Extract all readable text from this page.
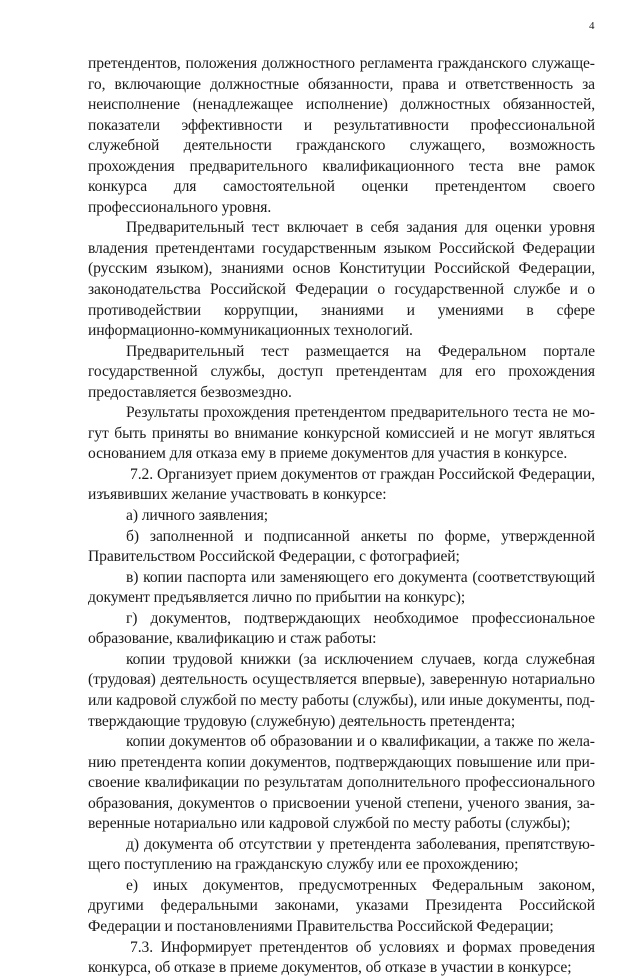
4

претендентов, положения должностного регламента гражданского служащего, включающие должностные обязанности, права и ответственность за неисполнение (ненадлежащее исполнение) должностных обязанностей, показатели эффективности и результативности профессиональной служебной деятельности гражданского служащего, возможность прохождения предварительного квалификационного теста вне рамок конкурса для самостоятельной оценки претендентом своего профессионального уровня.

Предварительный тест включает в себя задания для оценки уровня владения претендентами государственным языком Российской Федерации (русским языком), знаниями основ Конституции Российской Федерации, законодательства Российской Федерации о государственной службе и о противодействии коррупции, знаниями и умениями в сфере информационно-коммуникационных технологий.

Предварительный тест размещается на Федеральном портале государственной службы, доступ претендентам для его прохождения предоставляется безвозмездно.

Результаты прохождения претендентом предварительного теста не могут быть приняты во внимание конкурсной комиссией и не могут являться основанием для отказа ему в приеме документов для участия в конкурсе.

7.2. Организует прием документов от граждан Российской Федерации, изъявивших желание участвовать в конкурсе:

а) личного заявления;

б) заполненной и подписанной анкеты по форме, утвержденной Правительством Российской Федерации, с фотографией;

в) копии паспорта или заменяющего его документа (соответствующий документ предъявляется лично по прибытии на конкурс);

г) документов, подтверждающих необходимое профессиональное образование, квалификацию и стаж работы:

копии трудовой книжки (за исключением случаев, когда служебная (трудовая) деятельность осуществляется впервые), заверенную нотариально или кадровой службой по месту работы (службы), или иные документы, подтверждающие трудовую (служебную) деятельность претендента;

копии документов об образовании и о квалификации, а также по желанию претендента копии документов, подтверждающих повышение или присвоение квалификации по результатам дополнительного профессионального образования, документов о присвоении ученой степени, ученого звания, заверенные нотариально или кадровой службой по месту работы (службы);

д) документа об отсутствии у претендента заболевания, препятствующего поступлению на гражданскую службу или ее прохождению;

е) иных документов, предусмотренных Федеральным законом, другими федеральными законами, указами Президента Российской Федерации и постановлениями Правительства Российской Федерации;

7.3. Информирует претендентов об условиях и формах проведения конкурса, об отказе в приеме документов, об отказе в участии в конкурсе;
